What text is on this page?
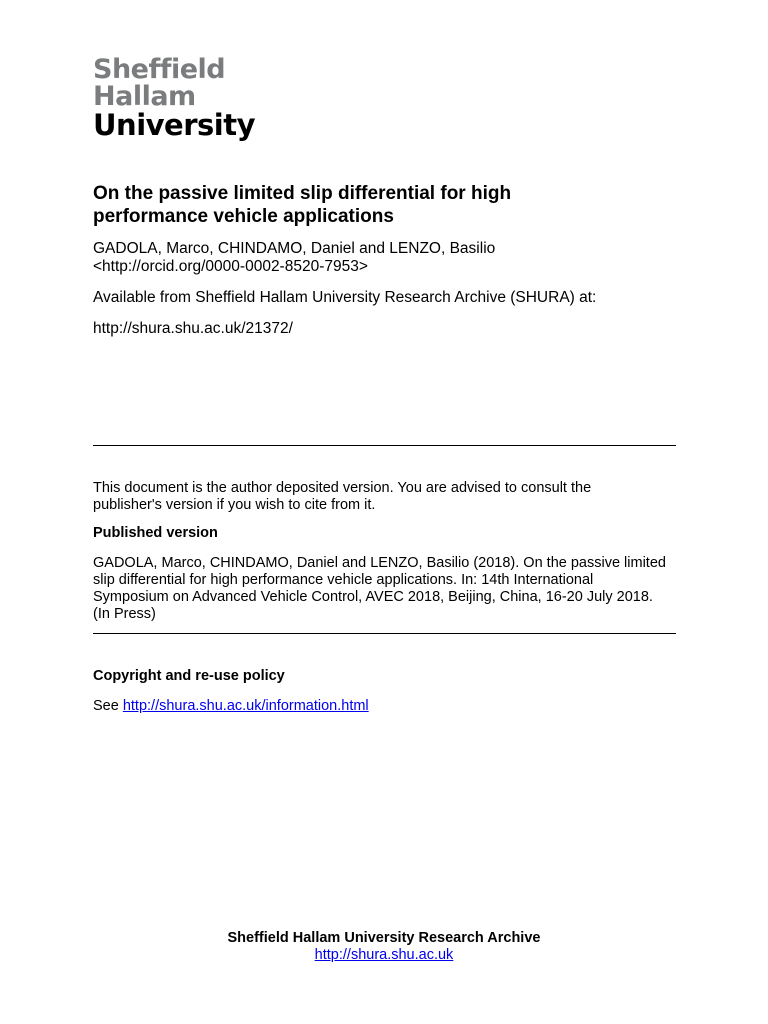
Sheffield
Hallam
University
On the passive limited slip differential for high performance vehicle applications
GADOLA, Marco, CHINDAMO, Daniel and LENZO, Basilio
<http://orcid.org/0000-0002-8520-7953>
Available from Sheffield Hallam University Research Archive (SHURA) at:
http://shura.shu.ac.uk/21372/
This document is the author deposited version. You are advised to consult the publisher's version if you wish to cite from it.
Published version
GADOLA, Marco, CHINDAMO, Daniel and LENZO, Basilio (2018). On the passive limited slip differential for high performance vehicle applications. In: 14th International Symposium on Advanced Vehicle Control, AVEC 2018, Beijing, China, 16-20 July 2018. (In Press)
Copyright and re-use policy
See http://shura.shu.ac.uk/information.html
Sheffield Hallam University Research Archive
http://shura.shu.ac.uk
